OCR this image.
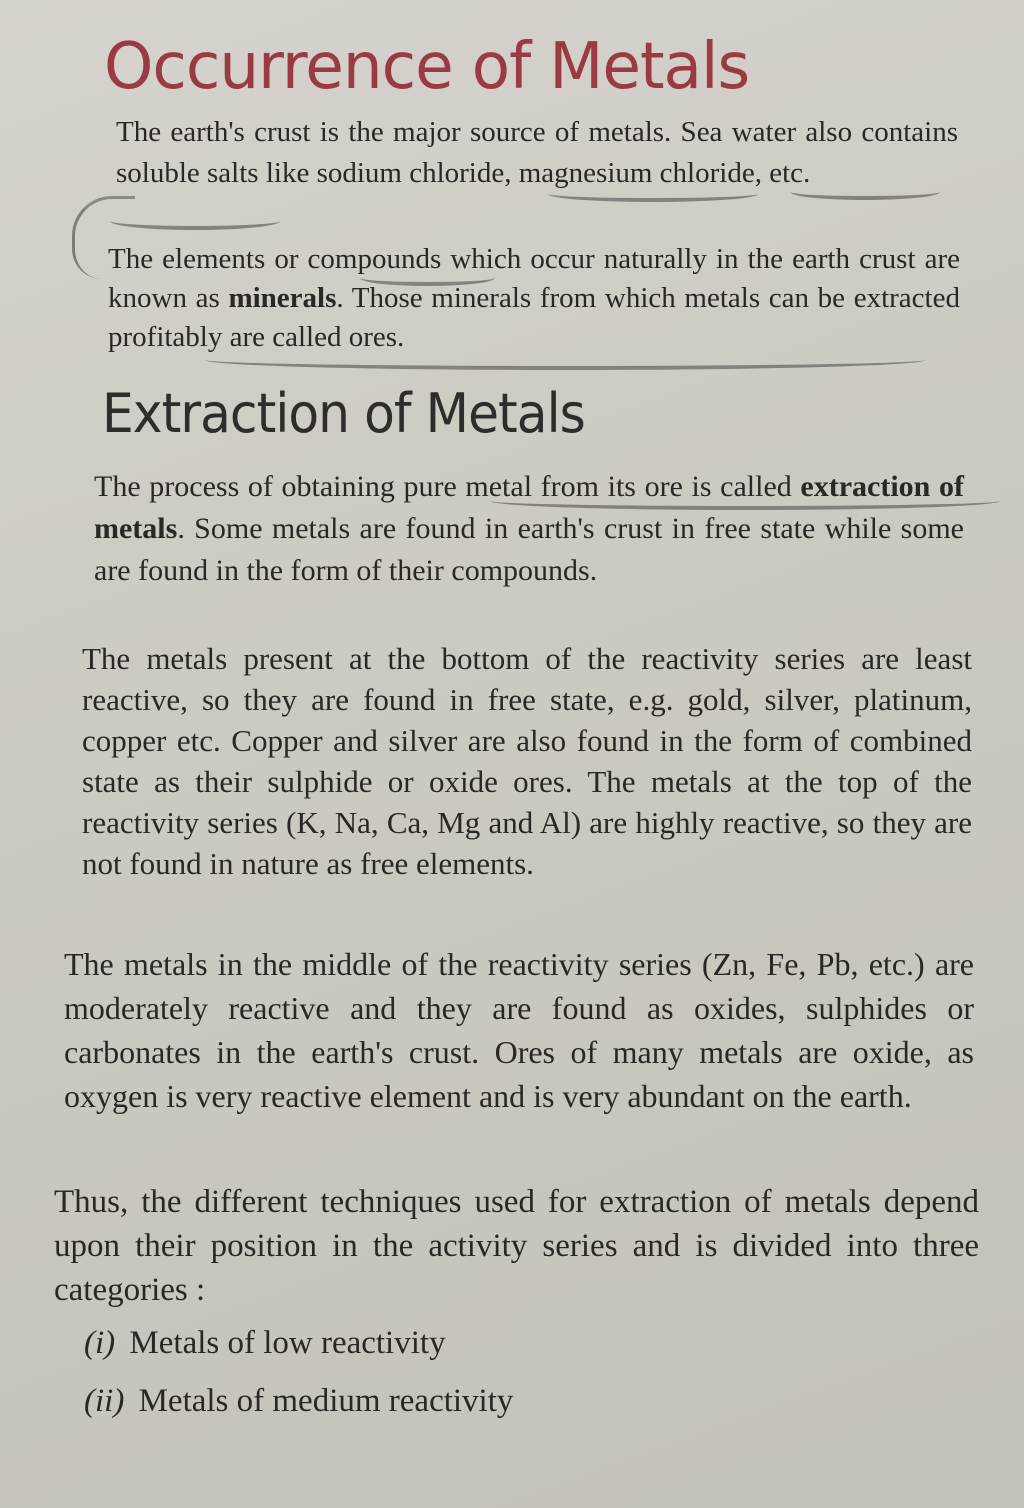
Occurrence of Metals

The earth's crust is the major source of metals. Sea water also contains soluble salts like sodium chloride, magnesium chloride, etc.

The elements or compounds which occur naturally in the earth crust are known as minerals. Those minerals from which metals can be extracted profitably are called ores.

Extraction of Metals

The process of obtaining pure metal from its ore is called extraction of metals. Some metals are found in earth's crust in free state while some are found in the form of their compounds.

The metals present at the bottom of the reactivity series are least reactive, so they are found in free state, e.g. gold, silver, platinum, copper etc. Copper and silver are also found in the form of combined state as their sulphide or oxide ores. The metals at the top of the reactivity series (K, Na, Ca, Mg and Al) are highly reactive, so they are not found in nature as free elements.

The metals in the middle of the reactivity series (Zn, Fe, Pb, etc.) are moderately reactive and they are found as oxides, sulphides or carbonates in the earth's crust. Ores of many metals are oxide, as oxygen is very reactive element and is very abundant on the earth.

Thus, the different techniques used for extraction of metals depend upon their position in the activity series and is divided into three categories :

(i) Metals of low reactivity
(ii) Metals of medium reactivity
